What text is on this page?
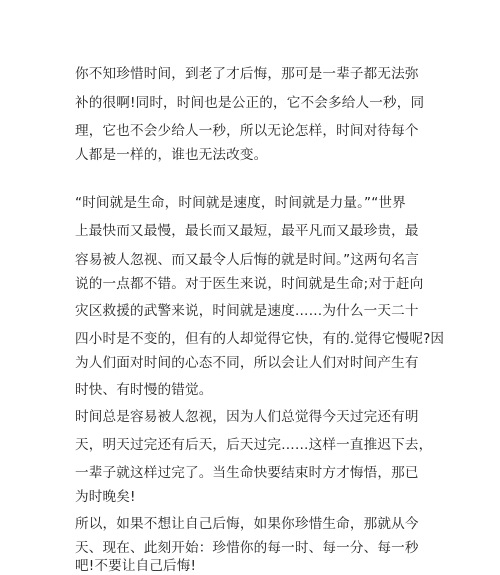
你不知珍惜时间，到老了才后悔，那可是一辈子都无法弥
补的很啊!同时，时间也是公正的，它不会多给人一秒，同
理，它也不会少给人一秒，所以无论怎样，时间对待每个
人都是一样的，谁也无法改变。
“时间就是生命，时间就是速度，时间就是力量。”“世界
上最快而又最慢，最长而又最短，最平凡而又最珍贵，最
容易被人忽视、而又最令人后悔的就是时间。”这两句名言
说的一点都不错。对于医生来说，时间就是生命;对于赶向
灾区救援的武警来说，时间就是速度……为什么一天二十
四小时是不变的，但有的人却觉得它快，有的.觉得它慢呢?因
为人们面对时间的心态不同，所以会让人们对时间产生有
时快、有时慢的错觉。
时间总是容易被人忽视，因为人们总觉得今天过完还有明
天，明天过完还有后天，后天过完……这样一直推迟下去，
一辈子就这样过完了。当生命快要结束时方才悔悟，那已
为时晚矣!
所以，如果不想让自己后悔，如果你珍惜生命，那就从今
天、现在、此刻开始：珍惜你的每一时、每一分、每一秒
吧!不要让自己后悔!
